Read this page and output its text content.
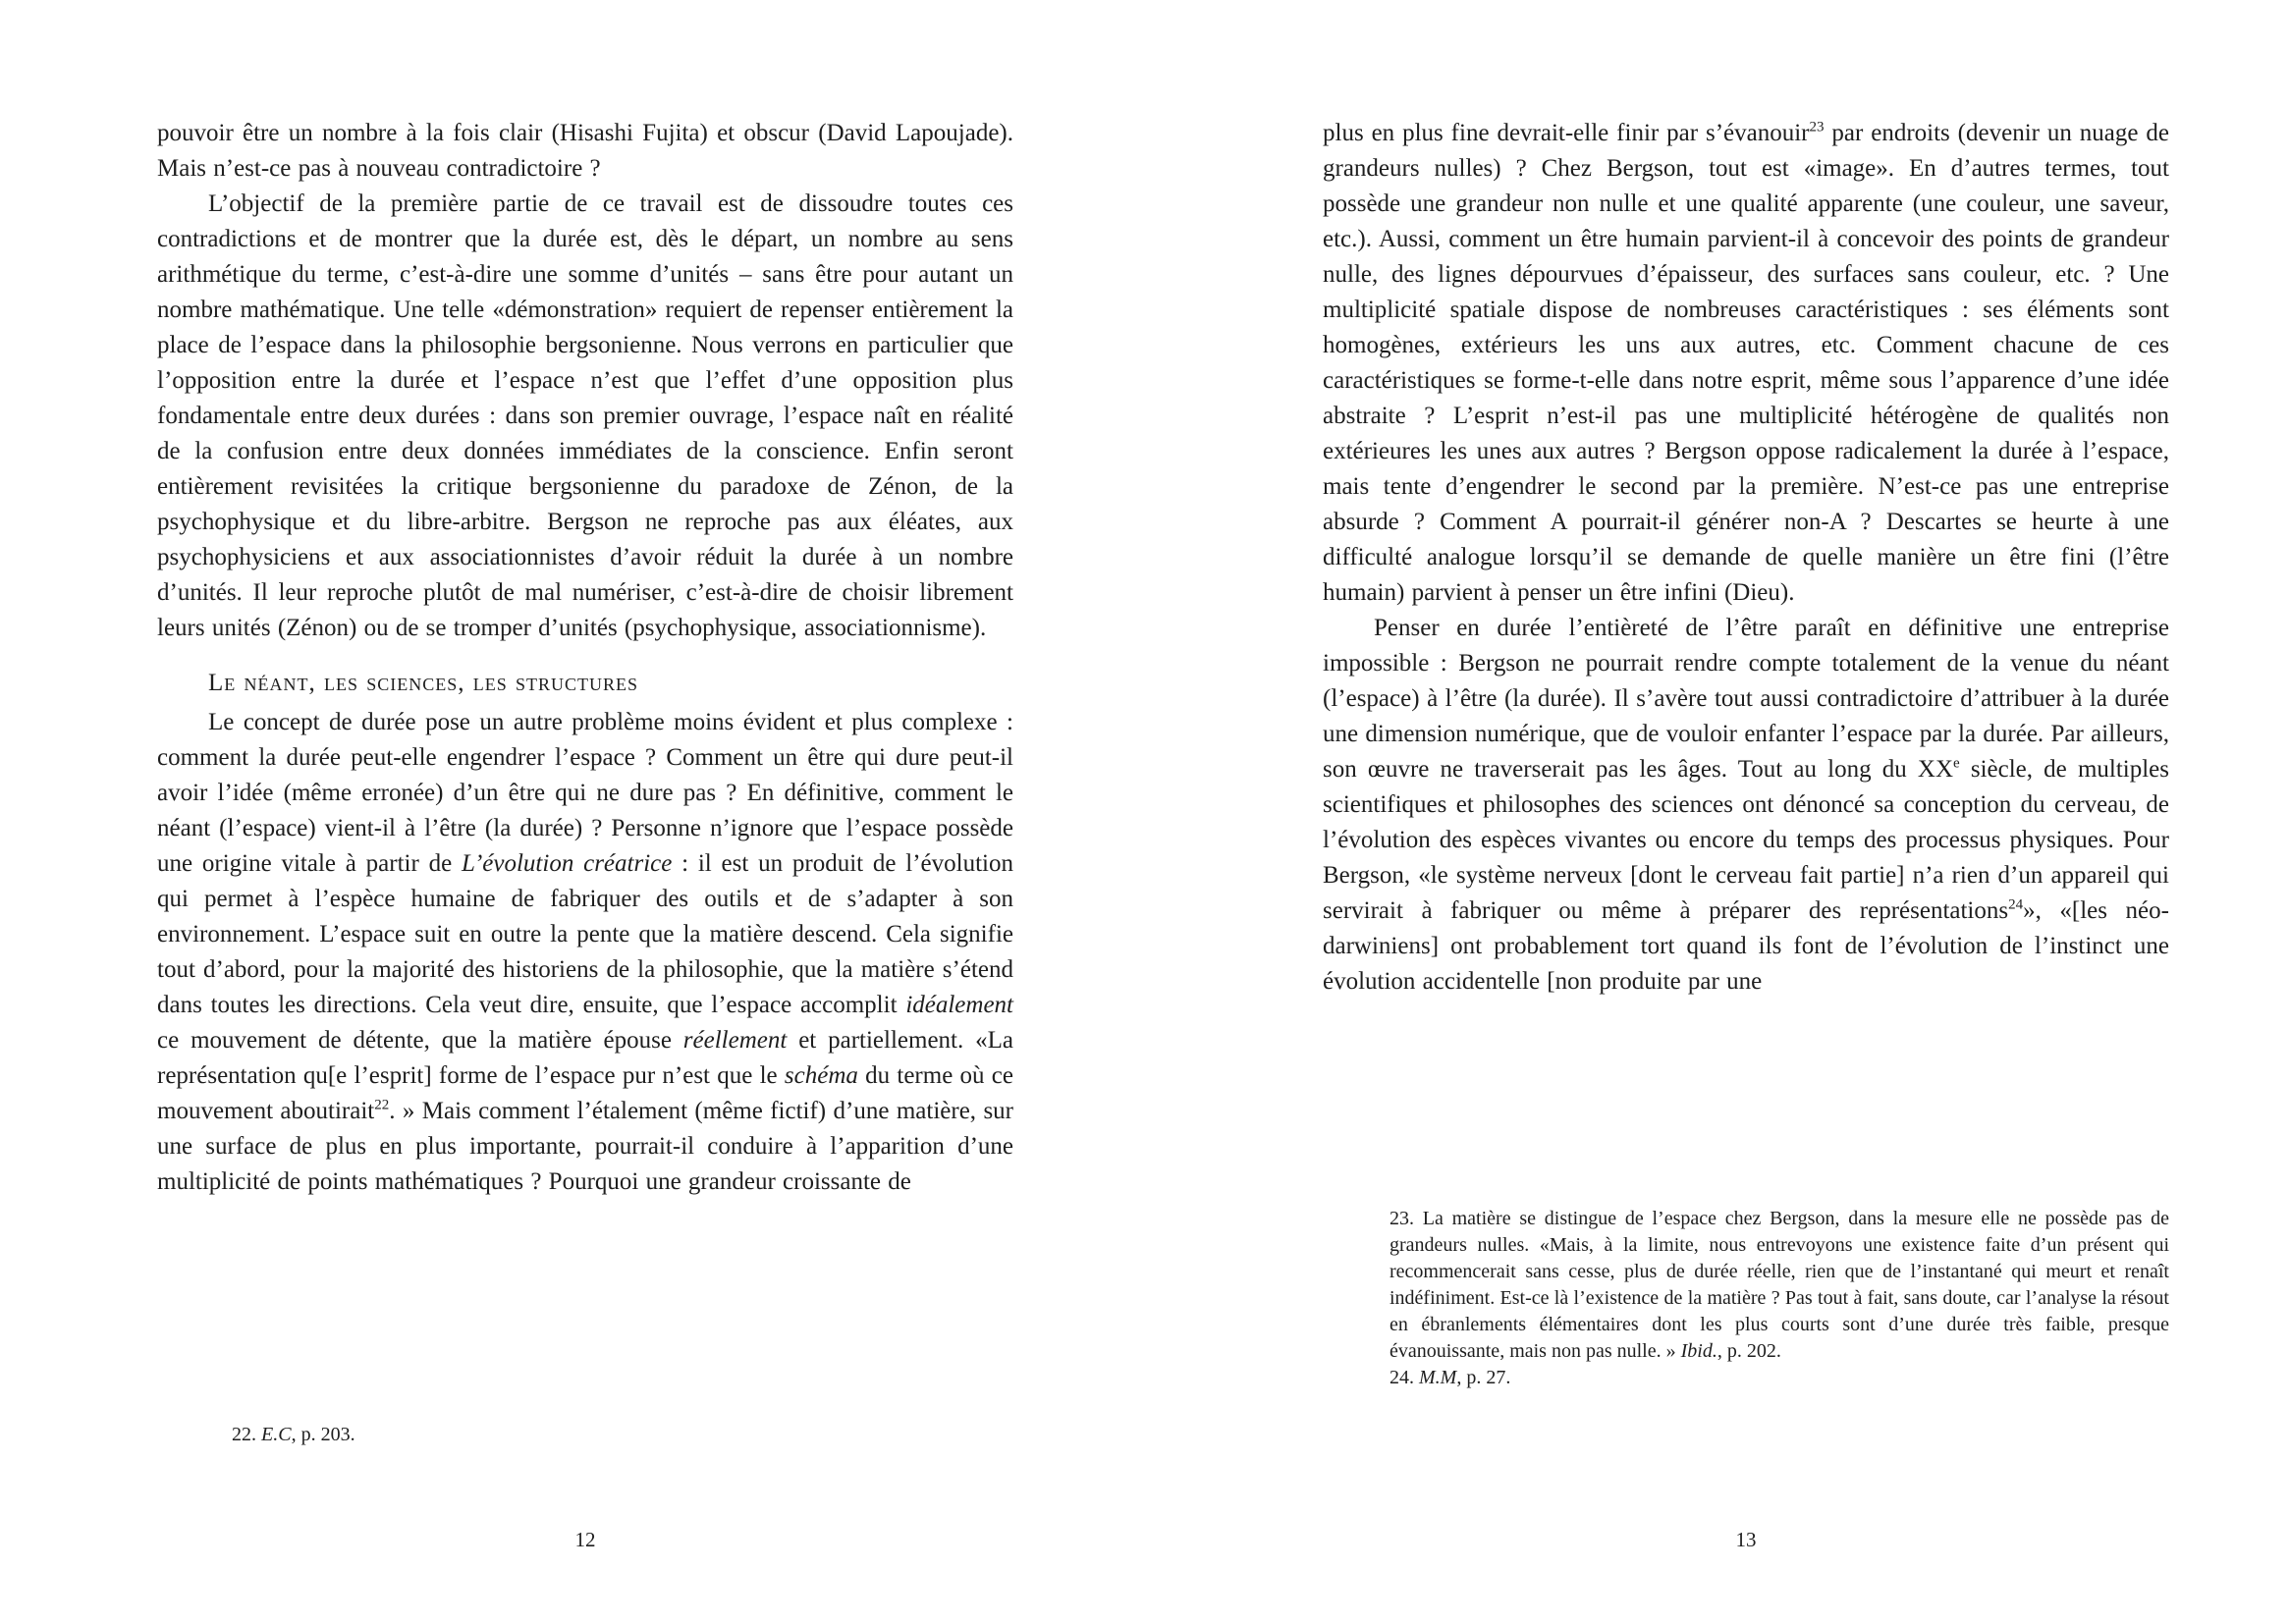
pouvoir être un nombre à la fois clair (Hisashi Fujita) et obscur (David Lapoujade). Mais n’est-ce pas à nouveau contradictoire ?

L’objectif de la première partie de ce travail est de dissoudre toutes ces contradictions et de montrer que la durée est, dès le départ, un nombre au sens arithmétique du terme, c’est-à-dire une somme d’unités – sans être pour autant un nombre mathématique. Une telle «démonstration» requiert de repenser entièrement la place de l’espace dans la philosophie bergsonienne. Nous verrons en particulier que l’opposition entre la durée et l’espace n’est que l’effet d’une opposition plus fondamentale entre deux durées : dans son premier ouvrage, l’espace naît en réalité de la confusion entre deux données immédiates de la conscience. Enfin seront entièrement revisitées la critique bergsonienne du paradoxe de Zénon, de la psychophysique et du libre-arbitre. Bergson ne reproche pas aux éléates, aux psychophysiciens et aux associationnistes d’avoir réduit la durée à un nombre d’unités. Il leur reproche plutôt de mal numériser, c’est-à-dire de choisir librement leurs unités (Zénon) ou de se tromper d’unités (psychophysique, associationnisme).

Le néant, les sciences, les structures

Le concept de durée pose un autre problème moins évident et plus complexe : comment la durée peut-elle engendrer l’espace ? Comment un être qui dure peut-il avoir l’idée (même erronée) d’un être qui ne dure pas ? En définitive, comment le néant (l’espace) vient-il à l’être (la durée) ? Personne n’ignore que l’espace possède une origine vitale à partir de L’évolution créatrice : il est un produit de l’évolution qui permet à l’espèce humaine de fabriquer des outils et de s’adapter à son environnement. L’espace suit en outre la pente que la matière descend. Cela signifie tout d’abord, pour la majorité des historiens de la philosophie, que la matière s’étend dans toutes les directions. Cela veut dire, ensuite, que l’espace accomplit idéalement ce mouvement de détente, que la matière épouse réellement et partiellement. «La représentation qu[e l’esprit] forme de l’espace pur n’est que le schéma du terme où ce mouvement aboutirait$^{22}$. » Mais comment l’étalement (même fictif) d’une matière, sur une surface de plus en plus importante, pourrait-il conduire à l’apparition d’une multiplicité de points mathématiques ? Pourquoi une grandeur croissante de

22. E.C, p. 203.

12

plus en plus fine devrait-elle finir par s’évanouir$^{23}$ par endroits (devenir un nuage de grandeurs nulles) ? Chez Bergson, tout est «image». En d’autres termes, tout possède une grandeur non nulle et une qualité apparente (une couleur, une saveur, etc.). Aussi, comment un être humain parvient-il à concevoir des points de grandeur nulle, des lignes dépourvues d’épaisseur, des surfaces sans couleur, etc. ? Une multiplicité spatiale dispose de nombreuses caractéristiques : ses éléments sont homogènes, extérieurs les uns aux autres, etc. Comment chacune de ces caractéristiques se forme-t-elle dans notre esprit, même sous l’apparence d’une idée abstraite ? L’esprit n’est-il pas une multiplicité hétérogène de qualités non extérieures les unes aux autres ? Bergson oppose radicalement la durée à l’espace, mais tente d’engendrer le second par la première. N’est-ce pas une entreprise absurde ? Comment A pourrait-il générer non-A ? Descartes se heurte à une difficulté analogue lorsqu’il se demande de quelle manière un être fini (l’être humain) parvient à penser un être infini (Dieu).

Penser en durée l’entièreté de l’être paraît en définitive une entreprise impossible : Bergson ne pourrait rendre compte totalement de la venue du néant (l’espace) à l’être (la durée). Il s’avère tout aussi contradictoire d’attribuer à la durée une dimension numérique, que de vouloir enfanter l’espace par la durée. Par ailleurs, son œuvre ne traverserait pas les âges. Tout au long du XXe siècle, de multiples scientifiques et philosophes des sciences ont dénoncé sa conception du cerveau, de l’évolution des espèces vivantes ou encore du temps des processus physiques. Pour Bergson, «le système nerveux [dont le cerveau fait partie] n’a rien d’un appareil qui servirait à fabriquer ou même à préparer des représentations$^{24}$», «[les néo-darwiniens] ont probablement tort quand ils font de l’évolution de l’instinct une évolution accidentelle [non produite par une

23. La matière se distingue de l’espace chez Bergson, dans la mesure elle ne possède pas de grandeurs nulles. «Mais, à la limite, nous entrevoyons une existence faite d’un présent qui recommencerait sans cesse, plus de durée réelle, rien que de l’instantané qui meurt et renaît indéfiniment. Est-ce là l’existence de la matière ? Pas tout à fait, sans doute, car l’analyse la résout en ébranlements élémentaires dont les plus courts sont d’une durée très faible, presque évanouissante, mais non pas nulle. » Ibid., p. 202.

24. M.M, p. 27.

13
